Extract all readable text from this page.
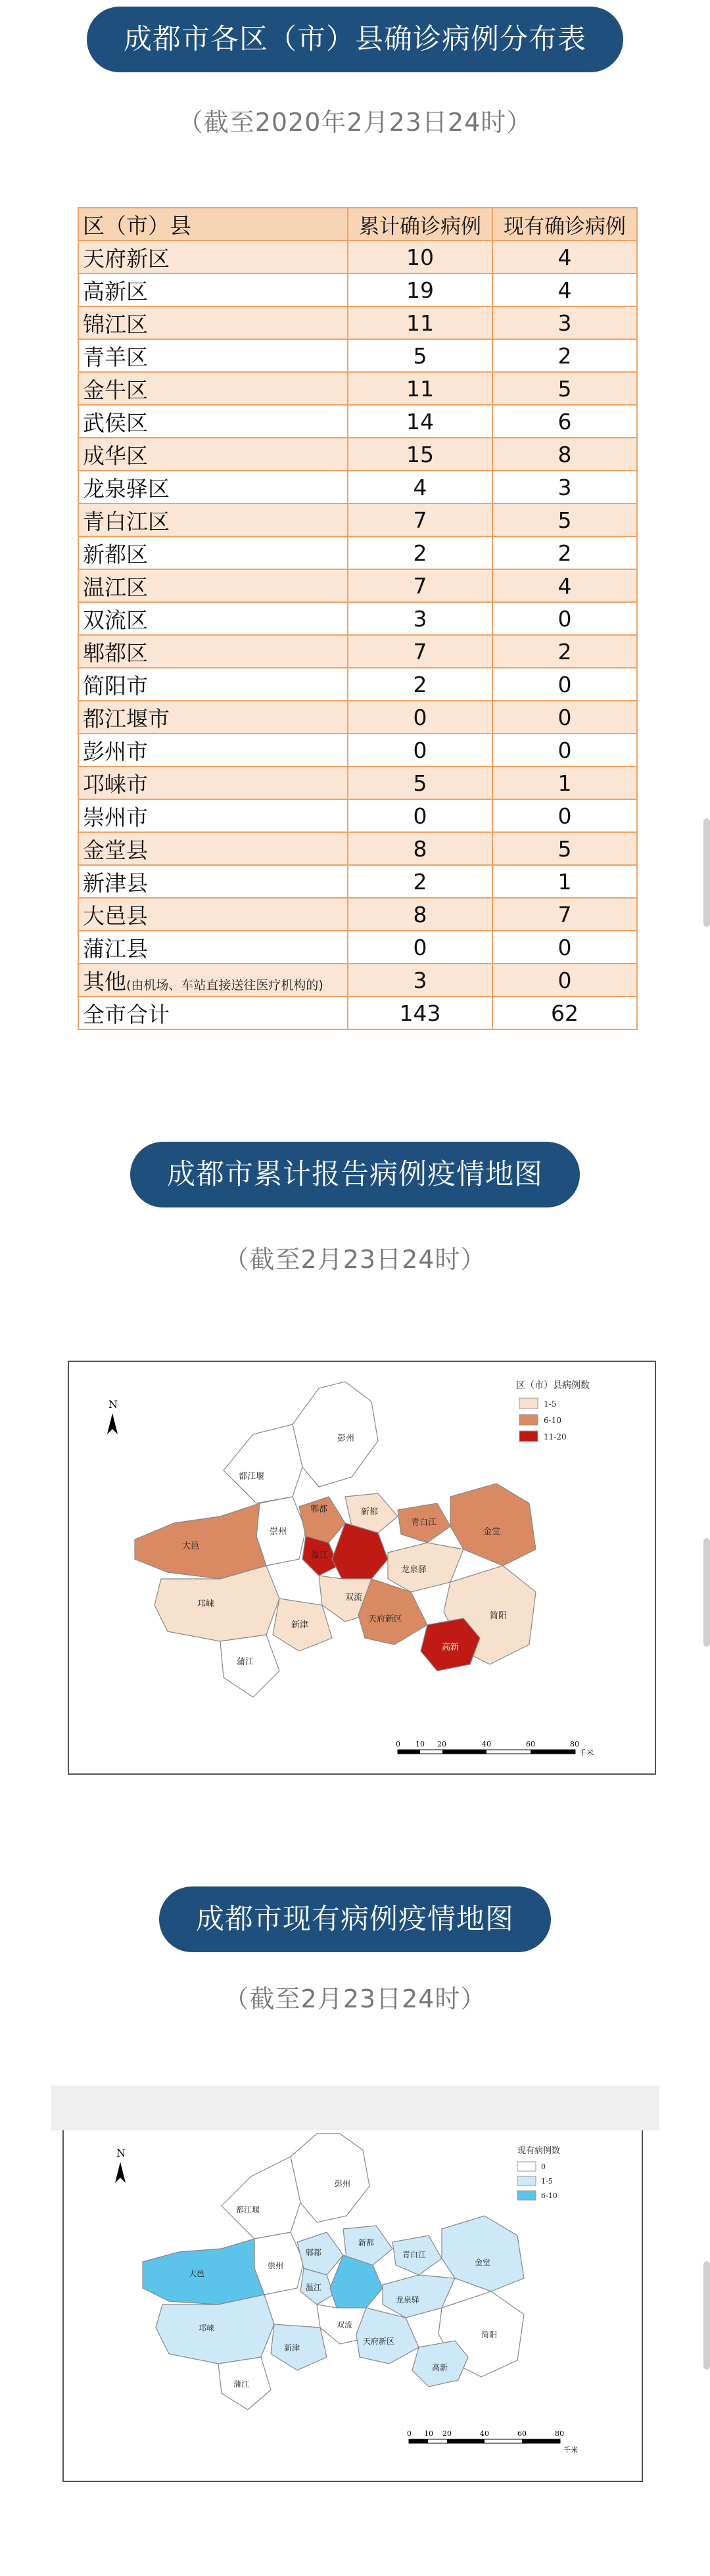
成都市各区（市）县确诊病例分布表
（截至2020年2月23日24时）
区（市）县	累计确诊病例	现有确诊病例
天府新区	10	4
高新区	19	4
锦江区	11	3
青羊区	5	2
金牛区	11	5
武侯区	14	6
成华区	15	8
龙泉驿区	4	3
青白江区	7	5
新都区	2	2
温江区	7	4
双流区	3	0
郫都区	7	2
简阳市	2	0
都江堰市	0	0
彭州市	0	0
邛崃市	5	1
崇州市	0	0
金堂县	8	5
新津县	2	1
大邑县	8	7
蒲江县	0	0
其他(由机场、车站直接送往医疗机构的)	3	0
全市合计	143	62
成都市累计报告病例疫情地图
（截至2月23日24时）
N
彭州
都江堰
郫都	新都
青白江
金堂
大邑
崇州
温江
龙泉驿
双流
邛崃
新津
天府新区	简阳
高新
蒲江
区（市）县病例数
1-5
6-10
11-20
0 10 20	40	60	80
千米
成都市现有病例疫情地图
（截至2月23日24时）
N
彭州
都江堰
郫都
新都
青白江
金堂
大邑
崇州
温江
龙泉驿
双流
邛崃
新津
天府新区
简阳
高新
蒲江
现有病例数
0
1-5
6-10
0 10 20	40	60	80
千米
